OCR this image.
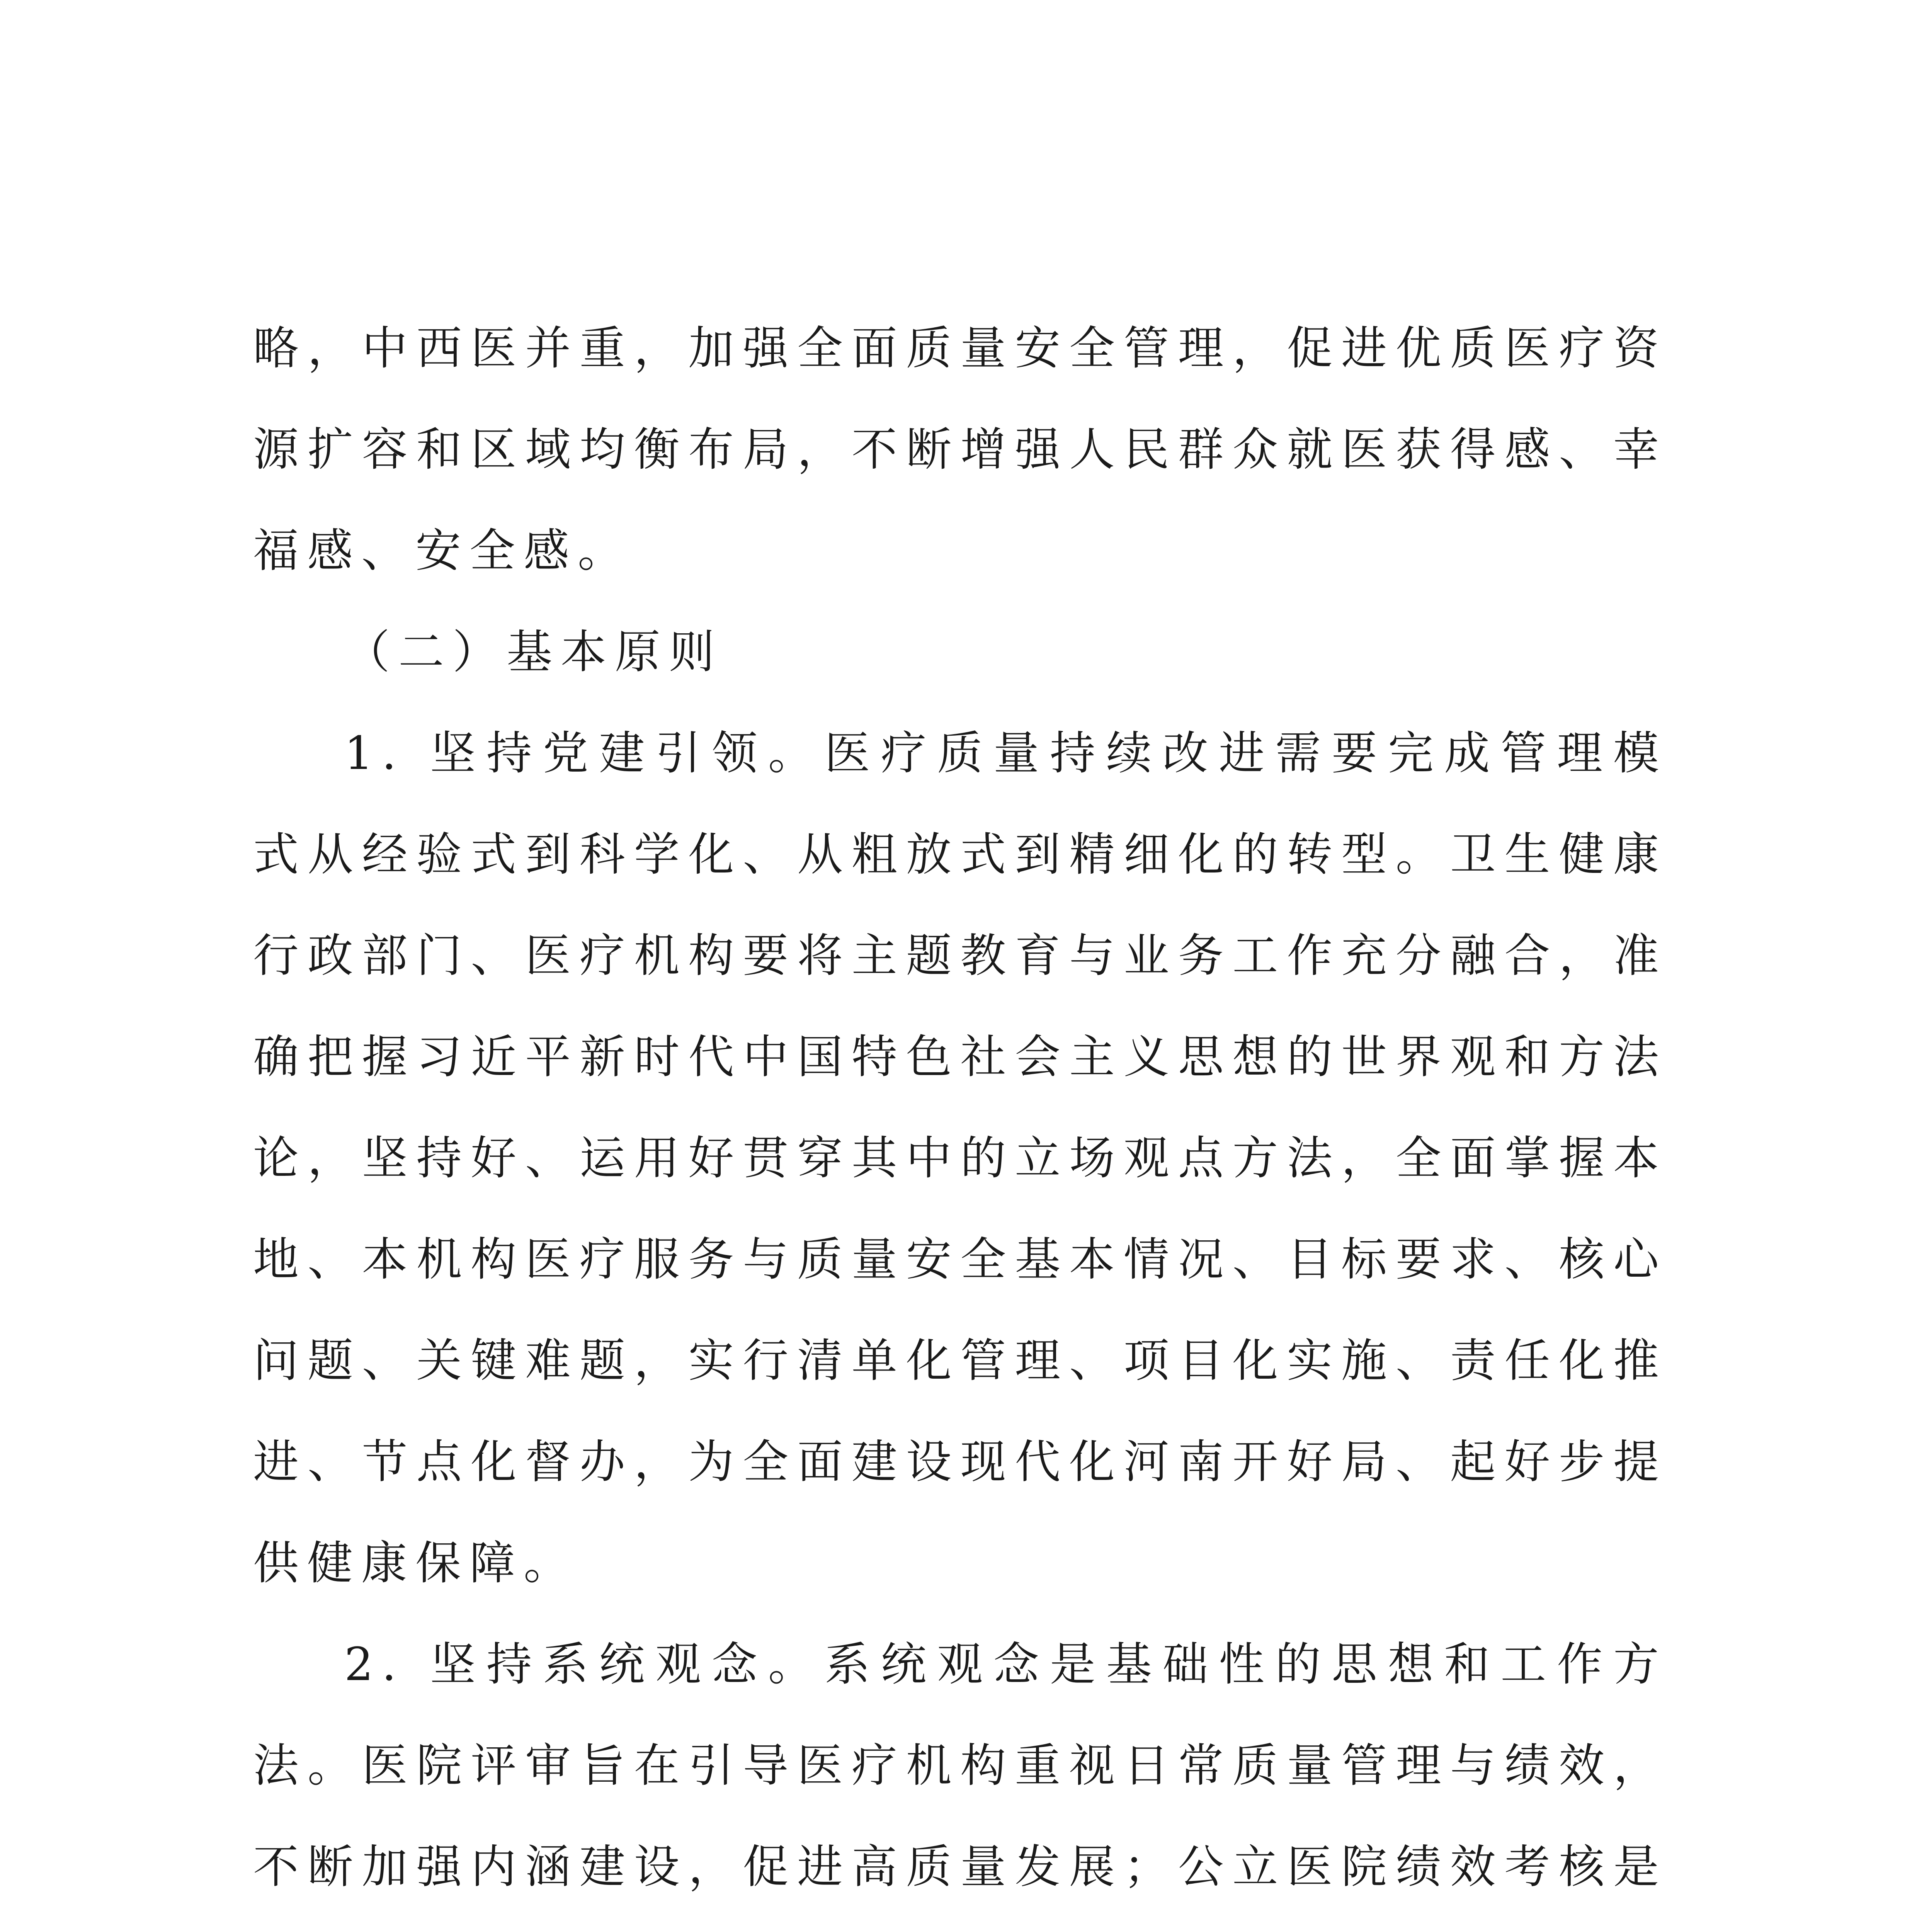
略，中西医并重，加强全面质量安全管理，促进优质医疗资源扩容和区域均衡布局，不断增强人民群众就医获得感、幸福感、安全感。

（二）基本原则

1. 坚持党建引领。医疗质量持续改进需要完成管理模式从经验式到科学化、从粗放式到精细化的转型。卫生健康行政部门、医疗机构要将主题教育与业务工作充分融合，准确把握习近平新时代中国特色社会主义思想的世界观和方法论，坚持好、运用好贯穿其中的立场观点方法，全面掌握本地、本机构医疗服务与质量安全基本情况、目标要求、核心问题、关键难题，实行清单化管理、项目化实施、责任化推进、节点化督办，为全面建设现代化河南开好局、起好步提供健康保障。

2. 坚持系统观念。系统观念是基础性的思想和工作方法。医院评审旨在引导医疗机构重视日常质量管理与绩效，不断加强内涵建设，促进高质量发展；公立医院绩效考核是
